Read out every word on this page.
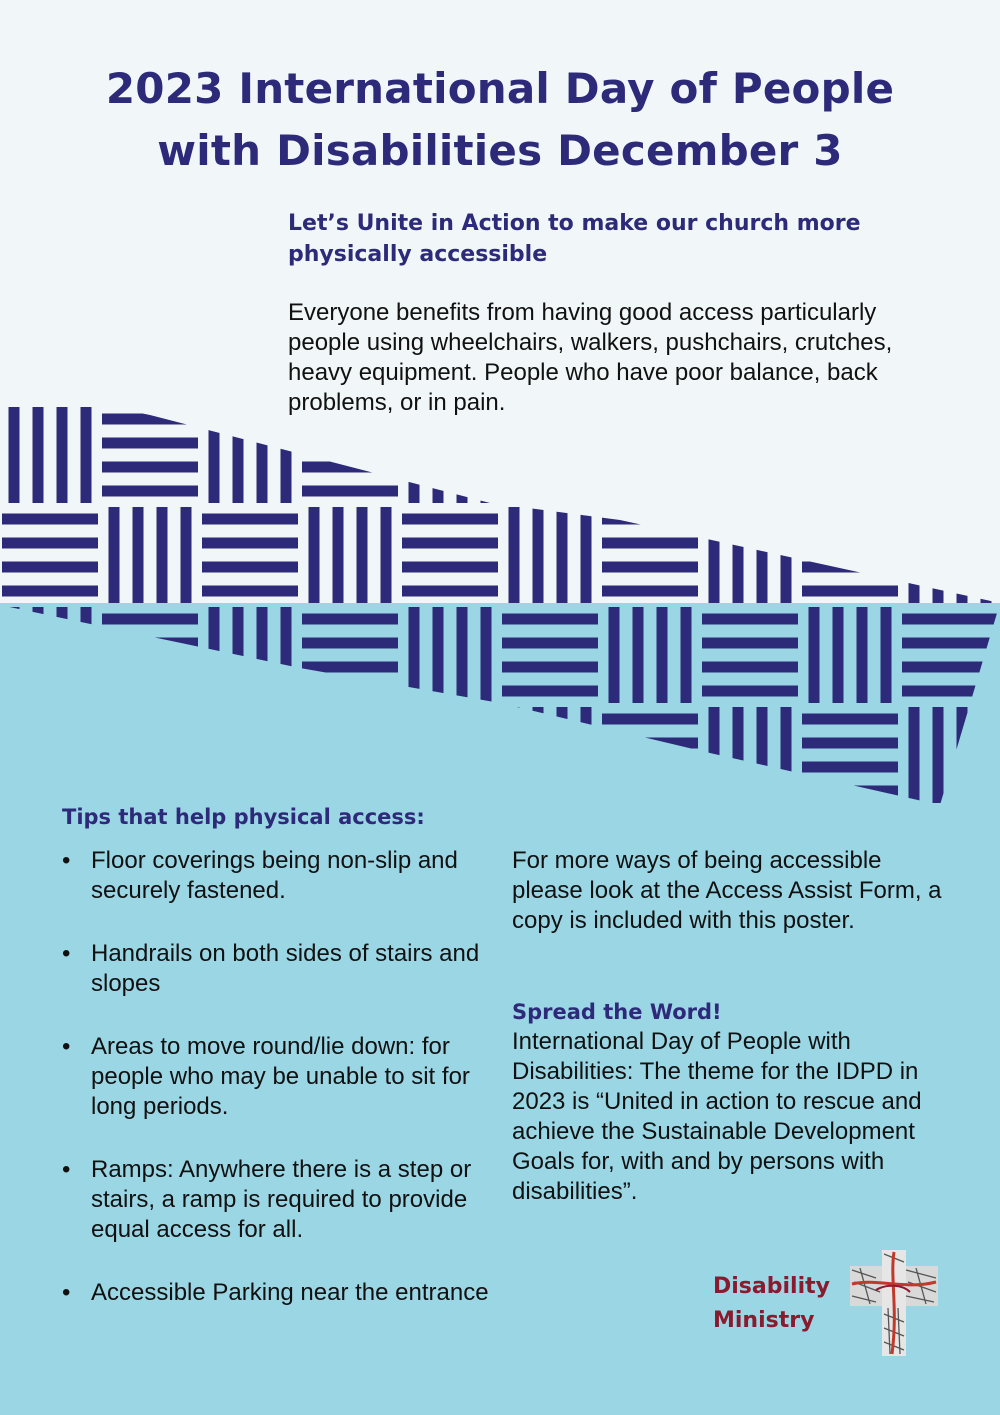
2023 International Day of People
with Disabilities December 3
Let’s Unite in Action to make our church more physically accessible

Everyone benefits from having good access particularly people using wheelchairs, walkers, pushchairs, crutches, heavy equipment. People who have poor balance, back problems, or in pain.

Tips that help physical access:
• Floor coverings being non-slip and securely fastened.
• Handrails on both sides of stairs and slopes
• Areas to move round/lie down: for people who may be unable to sit for long periods.
• Ramps: Anywhere there is a step or stairs, a ramp is required to provide equal access for all.
• Accessible Parking near the entrance

For more ways of being accessible please look at the Access Assist Form, a copy is included with this poster.

Spread the Word!

International Day of People with Disabilities: The theme for the IDPD in 2023 is “United in action to rescue and achieve the Sustainable Development Goals for, with and by persons with disabilities”.

Disability
Ministry
